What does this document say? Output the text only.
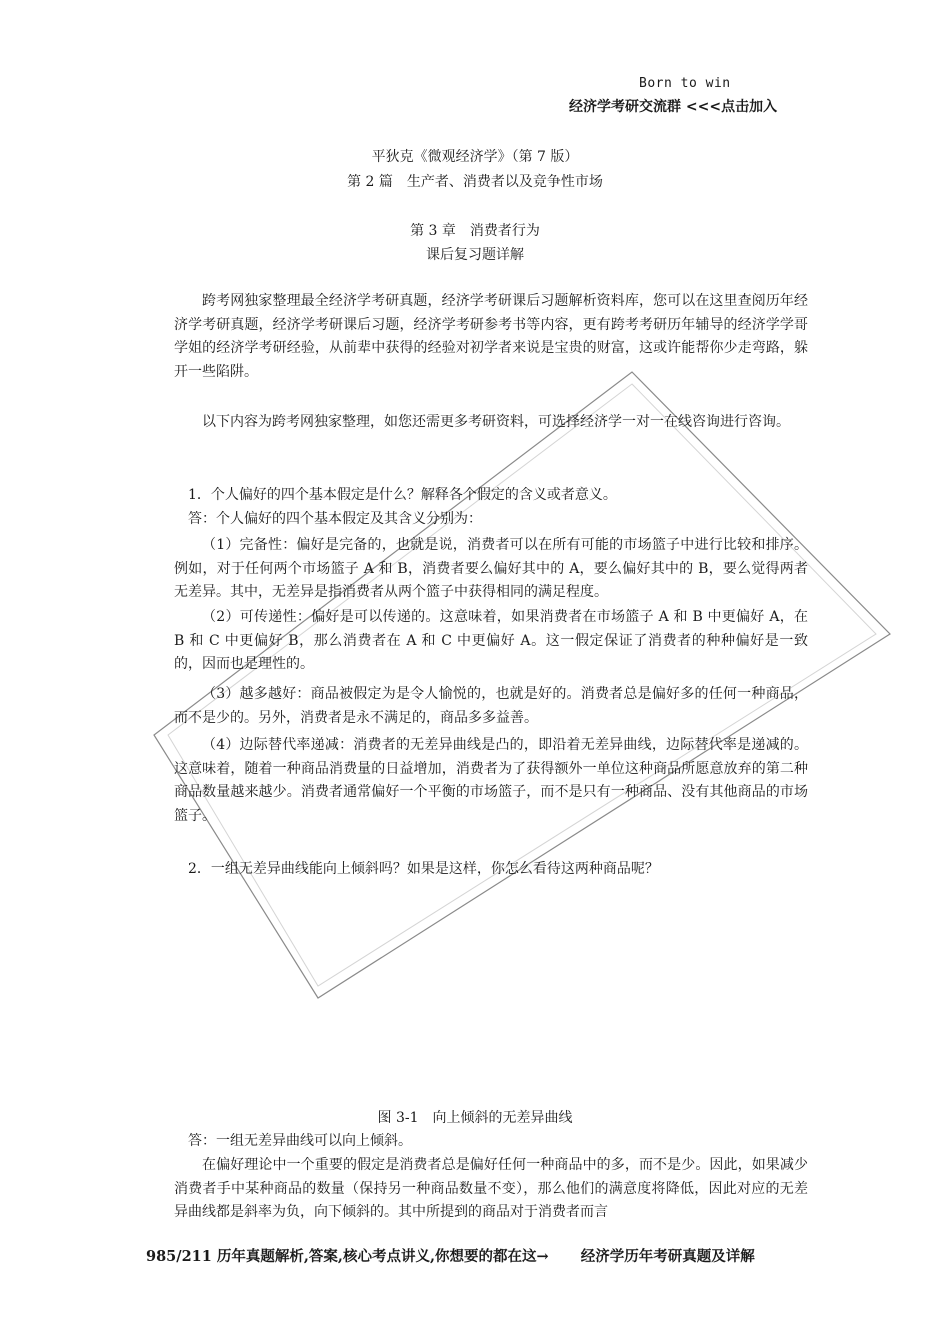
Born to win
经济学考研交流群 <<<点击加入
平狄克《微观经济学》（第 7 版）
第 2 篇　生产者、消费者以及竞争性市场
第 3 章　消费者行为
课后复习题详解
跨考网独家整理最全经济学考研真题，经济学考研课后习题解析资料库，您可以在这里查阅历年经济学考研真题，经济学考研课后习题，经济学考研参考书等内容，更有跨考考研历年辅导的经济学学哥学姐的经济学考研经验，从前辈中获得的经验对初学者来说是宝贵的财富，这或许能帮你少走弯路，躲开一些陷阱。
以下内容为跨考网独家整理，如您还需更多考研资料，可选择经济学一对一在线咨询进行咨询。
1．个人偏好的四个基本假定是什么？解释各个假定的含义或者意义。
答：个人偏好的四个基本假定及其含义分别为：
（1）完备性：偏好是完备的，也就是说，消费者可以在所有可能的市场篮子中进行比较和排序。例如，对于任何两个市场篮子 A 和 B，消费者要么偏好其中的 A，要么偏好其中的 B，要么觉得两者无差异。其中，无差异是指消费者从两个篮子中获得相同的满足程度。
（2）可传递性：偏好是可以传递的。这意味着，如果消费者在市场篮子 A 和 B 中更偏好 A，在 B 和 C 中更偏好 B，那么消费者在 A 和 C 中更偏好 A。这一假定保证了消费者的种种偏好是一致的，因而也是理性的。
（3）越多越好：商品被假定为是令人愉悦的，也就是好的。消费者总是偏好多的任何一种商品，而不是少的。另外，消费者是永不满足的，商品多多益善。
（4）边际替代率递减：消费者的无差异曲线是凸的，即沿着无差异曲线，边际替代率是递减的。这意味着，随着一种商品消费量的日益增加，消费者为了获得额外一单位这种商品所愿意放弃的第二种商品数量越来越少。消费者通常偏好一个平衡的市场篮子，而不是只有一种商品、没有其他商品的市场篮子。
2．一组无差异曲线能向上倾斜吗？如果是这样，你怎么看待这两种商品呢？
图 3-1　向上倾斜的无差异曲线
答：一组无差异曲线可以向上倾斜。
在偏好理论中一个重要的假定是消费者总是偏好任何一种商品中的多，而不是少。因此，如果减少消费者手中某种商品的数量（保持另一种商品数量不变），那么他们的满意度将降低，因此对应的无差异曲线都是斜率为负，向下倾斜的。其中所提到的商品对于消费者而言
985/211 历年真题解析,答案,核心考点讲义,你想要的都在这→ 经济学历年考研真题及详解
